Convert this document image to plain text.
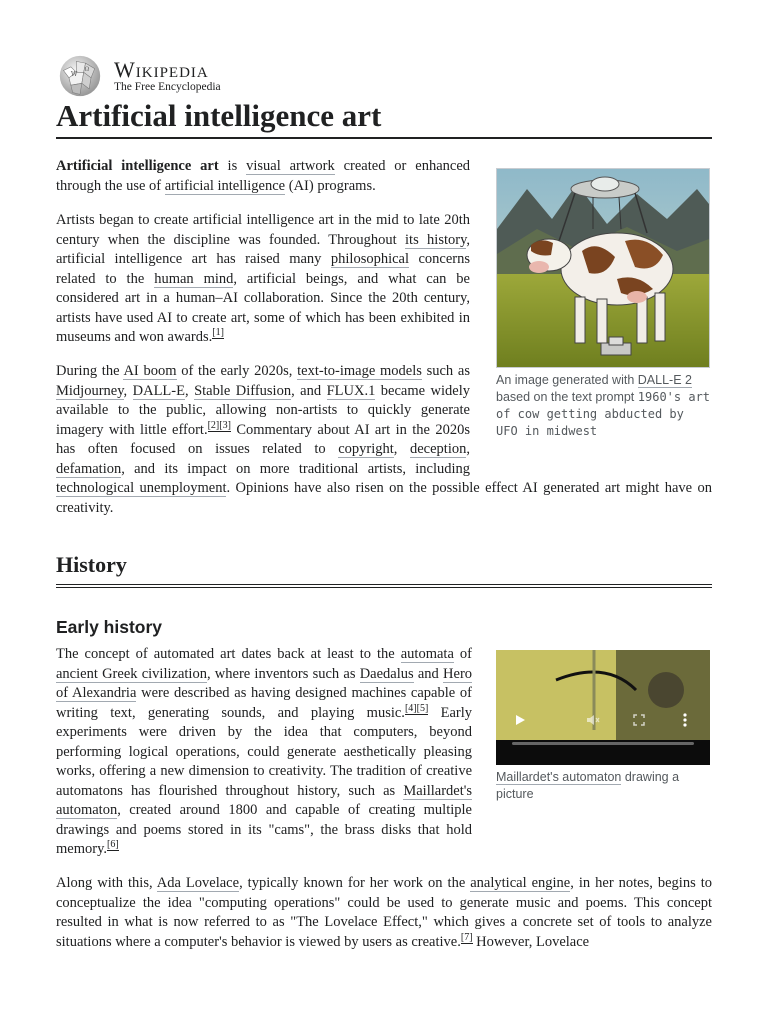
W
Ω Wikipedia
The Free Encyclopedia
Artificial intelligence art

Artificial intelligence art is visual artwork created or enhanced through the use of artificial intelligence (AI) programs.

Artists began to create artificial intelligence art in the mid to late 20th century when the discipline was founded. Throughout its history, artificial intelligence art has raised many philosophical concerns related to the human mind, artificial beings, and what can be considered art in a human–AI collaboration. Since the 20th century, artists have used AI to create art, some of which has been exhibited in museums and won awards.[1]

During the AI boom of the early 2020s, text-to-image models such as Midjourney, DALL-E, Stable Diffusion, and FLUX.1 became widely available to the public, allowing non-artists to quickly generate imagery with little effort.[2][3] Commentary about AI art in the 2020s has often focused on issues related to copyright, deception, defamation, and its impact on more traditional artists, including technological unemployment. Opinions have also risen on the possible effect AI generated art might have on creativity.

An image generated with DALL-E 2 based on the text prompt 1960's art of cow getting abducted by UFO in midwest
History
Early history

The concept of automated art dates back at least to the automata of ancient Greek civilization, where inventors such as Daedalus and Hero of Alexandria were described as having designed machines capable of writing text, generating sounds, and playing music.[4][5] Early experiments were driven by the idea that computers, beyond performing logical operations, could generate aesthetically pleasing works, offering a new dimension to creativity. The tradition of creative automatons has flourished throughout history, such as Maillardet's automaton, created around 1800 and capable of creating multiple drawings and poems stored in its "cams", the brass disks that hold memory.[6]

Maillardet's automaton drawing a picture

Along with this, Ada Lovelace, typically known for her work on the analytical engine, in her notes, begins to conceptualize the idea "computing operations" could be used to generate music and poems. This concept resulted in what is now referred to as "The Lovelace Effect," which gives a concrete set of tools to analyze situations where a computer's behavior is viewed by users as creative.[7] However, Lovelace
